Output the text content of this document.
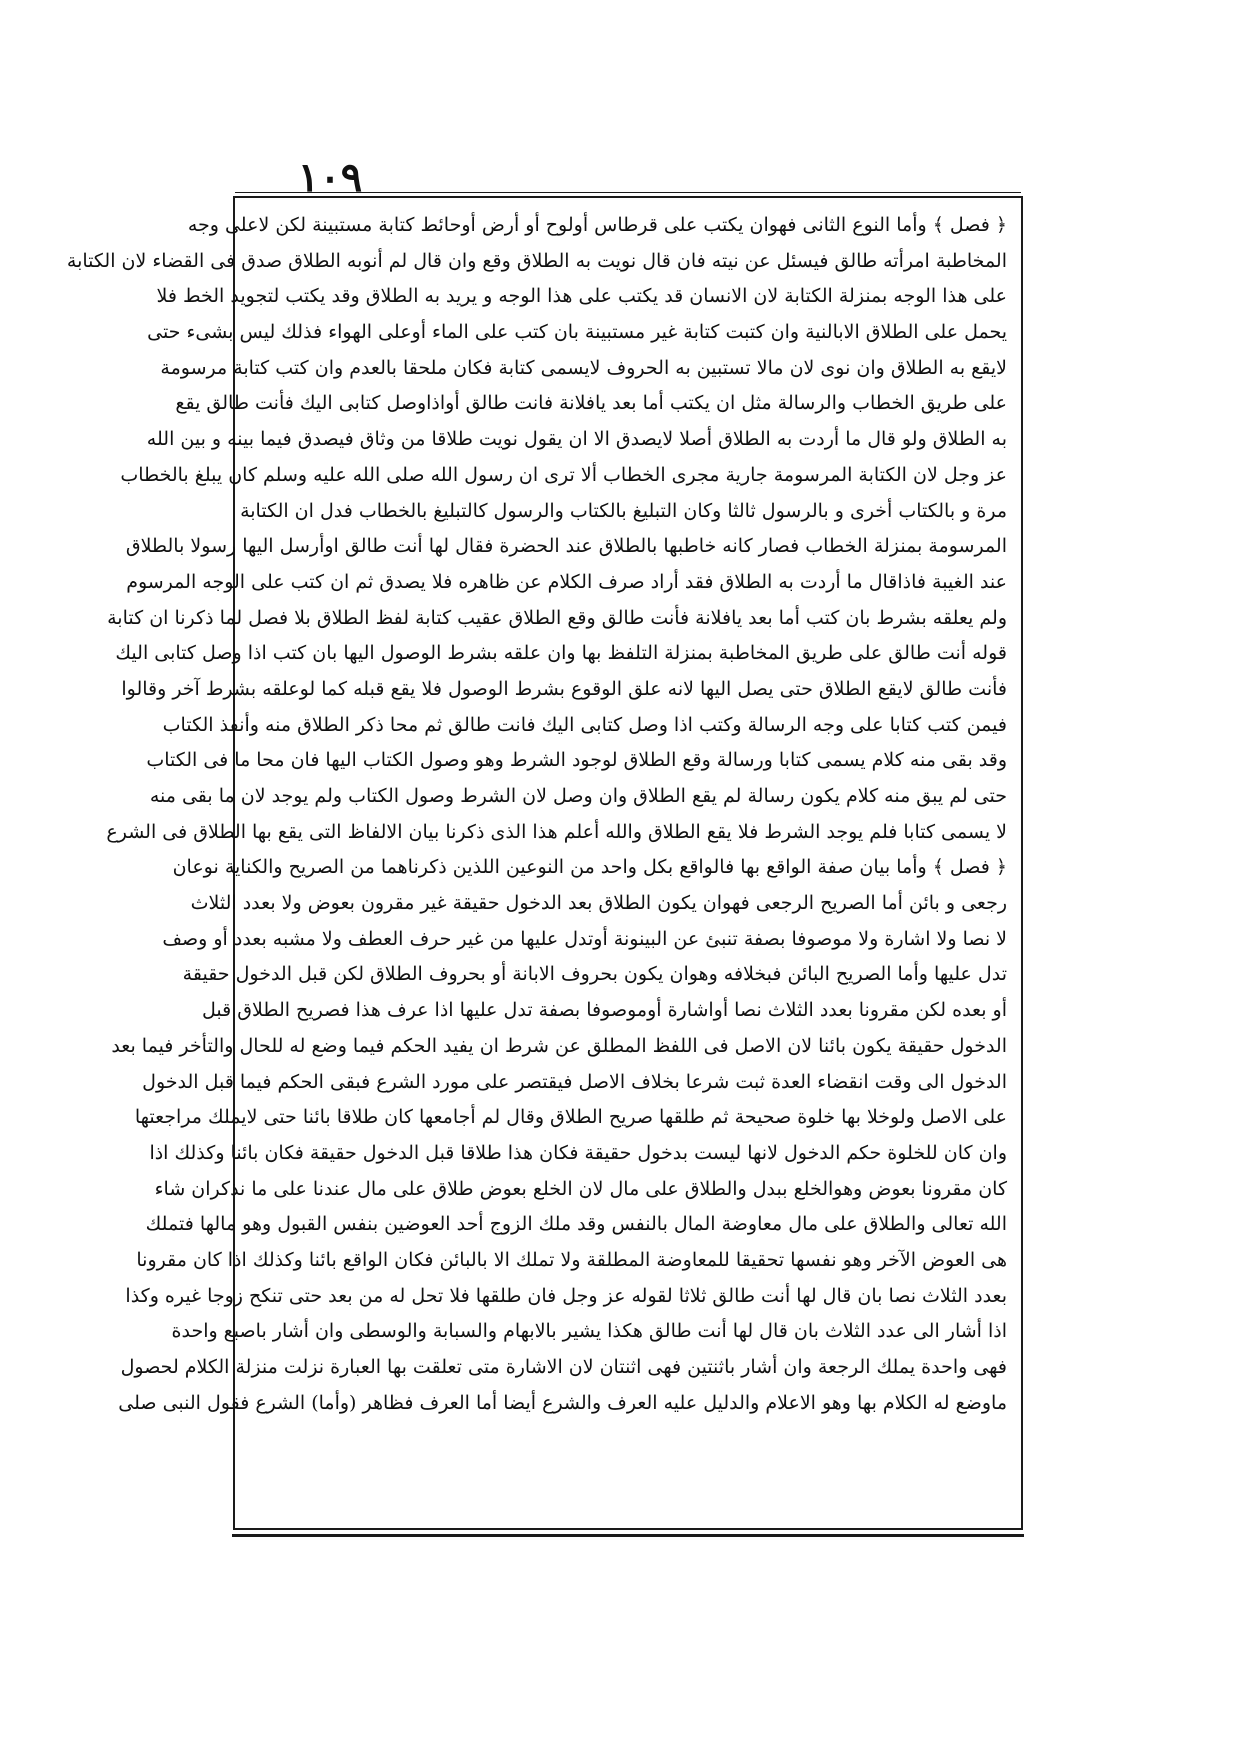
١٠٩
﴿ فصل ﴾ وأما النوع الثانى فهوان يكتب على قرطاس أولوح أو أرض أوحائط كتابة مستبينة لكن لاعلى وجه
المخاطبة امرأته طالق فيسئل عن نيته فان قال نويت به الطلاق وقع وان قال لم أنوبه الطلاق صدق فى القضاء لان الكتابة
على هذا الوجه بمنزلة الكتابة لان الانسان قد يكتب على هذا الوجه و يريد به الطلاق وقد يكتب لتجويد الخط فلا
يحمل على الطلاق الابالنية وان كتبت كتابة غير مستبينة بان كتب على الماء أوعلى الهواء فذلك ليس بشىء حتى
لايقع به الطلاق وان نوى لان مالا تستبين به الحروف لايسمى كتابة فكان ملحقا بالعدم وان كتب كتابة مرسومة
على طريق الخطاب والرسالة مثل ان يكتب أما بعد يافلانة فانت طالق أواذاوصل كتابى اليك فأنت طالق يقع
به الطلاق ولو قال ما أردت به الطلاق أصلا لايصدق الا ان يقول نويت طلاقا من وثاق فيصدق فيما بينه و بين الله
عز وجل لان الكتابة المرسومة جارية مجرى الخطاب ألا ترى ان رسول الله صلى الله عليه وسلم كان يبلغ بالخطاب
مرة و بالكتاب أخرى و بالرسول ثالثا وكان التبليغ بالكتاب والرسول كالتبليغ بالخطاب فدل ان الكتابة
المرسومة بمنزلة الخطاب فصار كانه خاطبها بالطلاق عند الحضرة فقال لها أنت طالق اوأرسل اليها رسولا بالطلاق
عند الغيبة فاذاقال ما أردت به الطلاق فقد أراد صرف الكلام عن ظاهره فلا يصدق ثم ان كتب على الوجه المرسوم
ولم يعلقه بشرط بان كتب أما بعد يافلانة فأنت طالق وقع الطلاق عقيب كتابة لفظ الطلاق بلا فصل لما ذكرنا ان كتابة
قوله أنت طالق على طريق المخاطبة بمنزلة التلفظ بها وان علقه بشرط الوصول اليها بان كتب اذا وصل كتابى اليك
فأنت طالق لايقع الطلاق حتى يصل اليها لانه علق الوقوع بشرط الوصول فلا يقع قبله كما لوعلقه بشرط آخر وقالوا
فيمن كتب كتابا على وجه الرسالة وكتب اذا وصل كتابى اليك فانت طالق ثم محا ذكر الطلاق منه وأنفذ الكتاب
وقد بقى منه كلام يسمى كتابا ورسالة وقع الطلاق لوجود الشرط وهو وصول الكتاب اليها فان محا ما فى الكتاب
حتى لم يبق منه كلام يكون رسالة لم يقع الطلاق وان وصل لان الشرط وصول الكتاب ولم يوجد لان ما بقى منه
لا يسمى كتابا فلم يوجد الشرط فلا يقع الطلاق والله أعلم هذا الذى ذكرنا بيان الالفاظ التى يقع بها الطلاق فى الشرع
﴿ فصل ﴾ وأما بيان صفة الواقع بها فالواقع بكل واحد من النوعين اللذين ذكرناهما من الصريح والكناية نوعان
رجعى و بائن أما الصريح الرجعى فهوان يكون الطلاق بعد الدخول حقيقة غير مقرون بعوض ولا بعدد الثلاث
لا نصا ولا اشارة ولا موصوفا بصفة تنبئ عن البينونة أوتدل عليها من غير حرف العطف ولا مشبه بعدد أو وصف
تدل عليها وأما الصريح البائن فبخلافه وهوان يكون بحروف الابانة أو بحروف الطلاق لكن قبل الدخول حقيقة
أو بعده لكن مقرونا بعدد الثلاث نصا أواشارة أوموصوفا بصفة تدل عليها اذا عرف هذا فصريح الطلاق قبل
الدخول حقيقة يكون بائنا لان الاصل فى اللفظ المطلق عن شرط ان يفيد الحكم فيما وضع له للحال والتأخر فيما بعد
الدخول الى وقت انقضاء العدة ثبت شرعا بخلاف الاصل فيقتصر على مورد الشرع فبقى الحكم فيما قبل الدخول
على الاصل ولوخلا بها خلوة صحيحة ثم طلقها صريح الطلاق وقال لم أجامعها كان طلاقا بائنا حتى لايملك مراجعتها
وان كان للخلوة حكم الدخول لانها ليست بدخول حقيقة فكان هذا طلاقا قبل الدخول حقيقة فكان بائنا وكذلك اذا
كان مقرونا بعوض وهوالخلع ببدل والطلاق على مال لان الخلع بعوض طلاق على مال عندنا على ما نذكران شاء
الله تعالى والطلاق على مال معاوضة المال بالنفس وقد ملك الزوج أحد العوضين بنفس القبول وهو مالها فتملك
هى العوض الآخر وهو نفسها تحقيقا للمعاوضة المطلقة ولا تملك الا بالبائن فكان الواقع بائنا وكذلك اذا كان مقرونا
بعدد الثلاث نصا بان قال لها أنت طالق ثلاثا لقوله عز وجل فان طلقها فلا تحل له من بعد حتى تنكح زوجا غيره وكذا
اذا أشار الى عدد الثلاث بان قال لها أنت طالق هكذا يشير بالابهام والسبابة والوسطى وان أشار باصبع واحدة
فهى واحدة يملك الرجعة وان أشار باثنتين فهى اثنتان لان الاشارة متى تعلقت بها العبارة نزلت منزلة الكلام لحصول
ماوضع له الكلام بها وهو الاعلام والدليل عليه العرف والشرع أيضا أما العرف فظاهر (وأما) الشرع فقول النبى صلى
